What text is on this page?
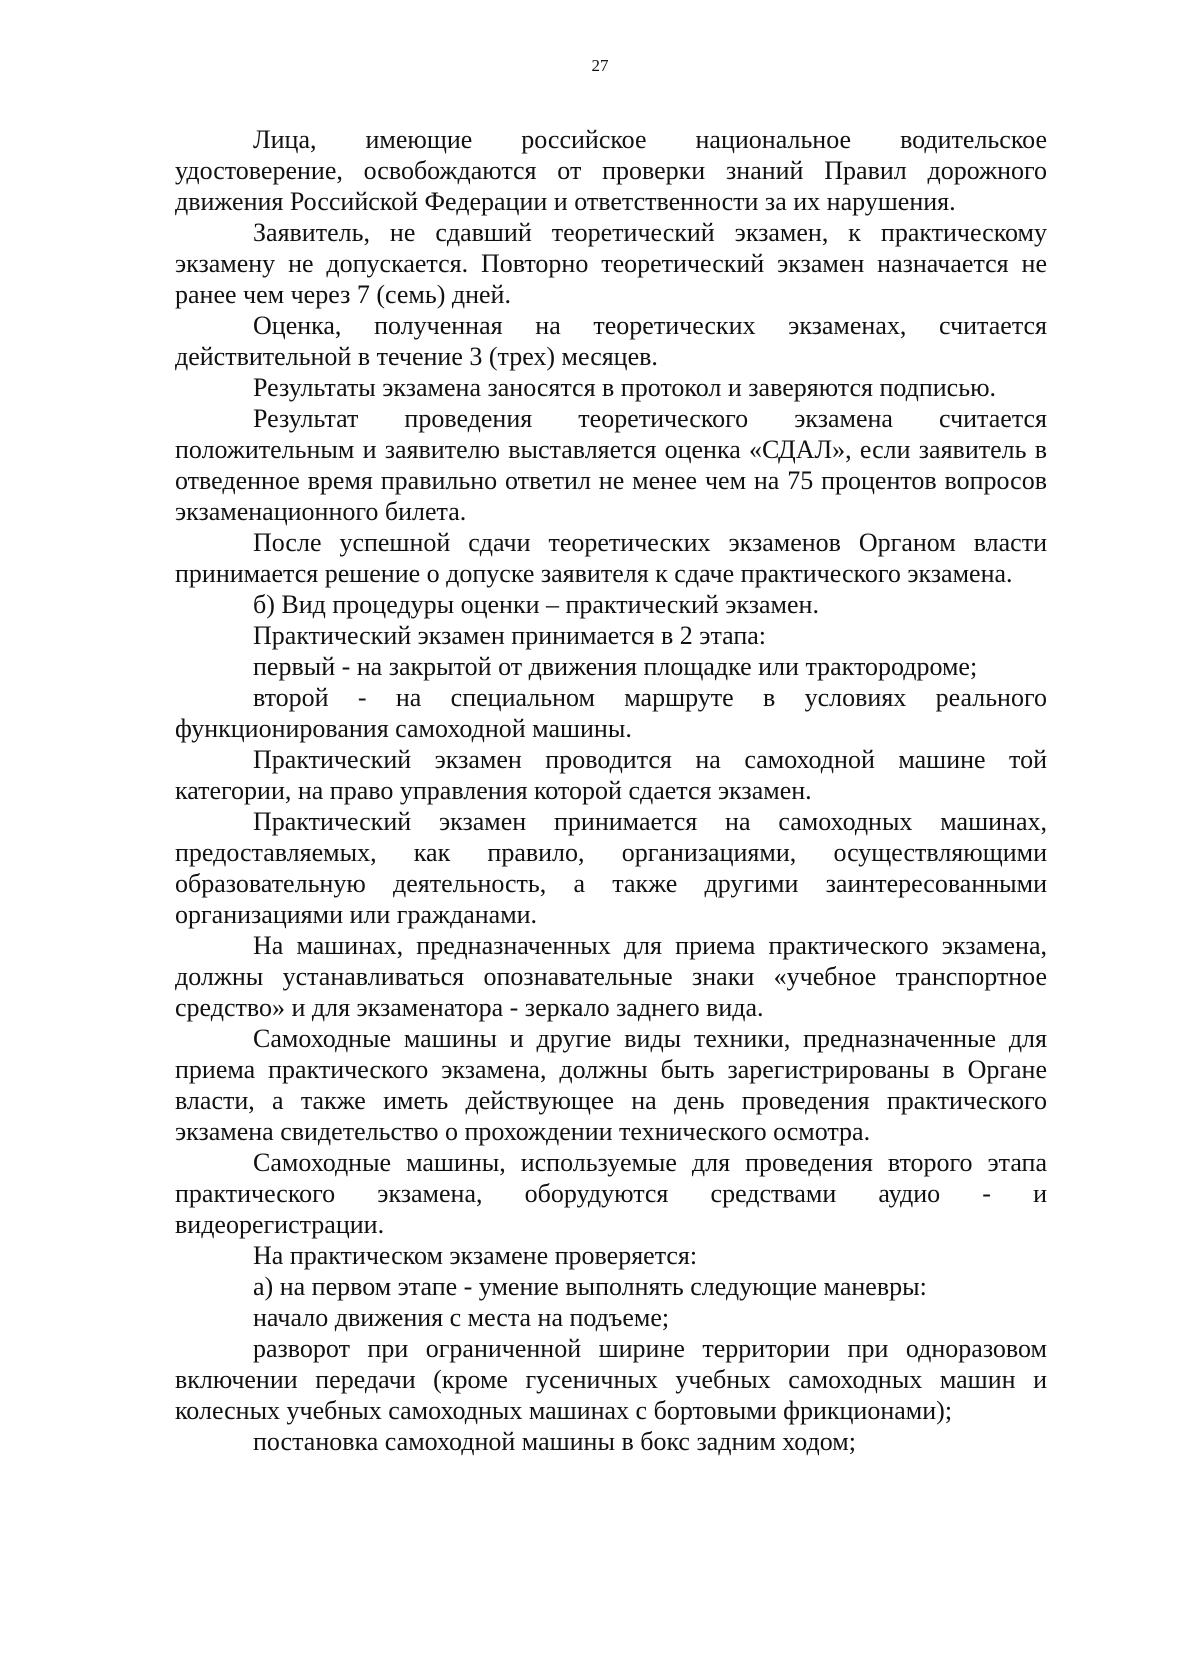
27

Лица, имеющие российское национальное водительское удостоверение, освобождаются от проверки знаний Правил дорожного движения Российской Федерации и ответственности за их нарушения.

Заявитель, не сдавший теоретический экзамен, к практическому экзамену не допускается. Повторно теоретический экзамен назначается не ранее чем через 7 (семь) дней.

Оценка, полученная на теоретических экзаменах, считается действительной в течение 3 (трех) месяцев.

Результаты экзамена заносятся в протокол и заверяются подписью.

Результат проведения теоретического экзамена считается положительным и заявителю выставляется оценка «СДАЛ», если заявитель в отведенное время правильно ответил не менее чем на 75 процентов вопросов экзаменационного билета.

После успешной сдачи теоретических экзаменов Органом власти принимается решение о допуске заявителя к сдаче практического экзамена.

б) Вид процедуры оценки – практический экзамен.

Практический экзамен принимается в 2 этапа:

первый - на закрытой от движения площадке или трактородроме;

второй - на специальном маршруте в условиях реального функционирования самоходной машины.

Практический экзамен проводится на самоходной машине той категории, на право управления которой сдается экзамен.

Практический экзамен принимается на самоходных машинах, предоставляемых, как правило, организациями, осуществляющими образовательную деятельность, а также другими заинтересованными организациями или гражданами.

На машинах, предназначенных для приема практического экзамена, должны устанавливаться опознавательные знаки «учебное транспортное средство» и для экзаменатора - зеркало заднего вида.

Самоходные машины и другие виды техники, предназначенные для приема практического экзамена, должны быть зарегистрированы в Органе власти, а также иметь действующее на день проведения практического экзамена свидетельство о прохождении технического осмотра.

Самоходные машины, используемые для проведения второго этапа практического экзамена, оборудуются средствами аудио - и видеорегистрации.

На практическом экзамене проверяется:

а) на первом этапе - умение выполнять следующие маневры:

начало движения с места на подъеме;

разворот при ограниченной ширине территории при одноразовом включении передачи (кроме гусеничных учебных самоходных машин и колесных учебных самоходных машинах с бортовыми фрикционами);

постановка самоходной машины в бокс задним ходом;
